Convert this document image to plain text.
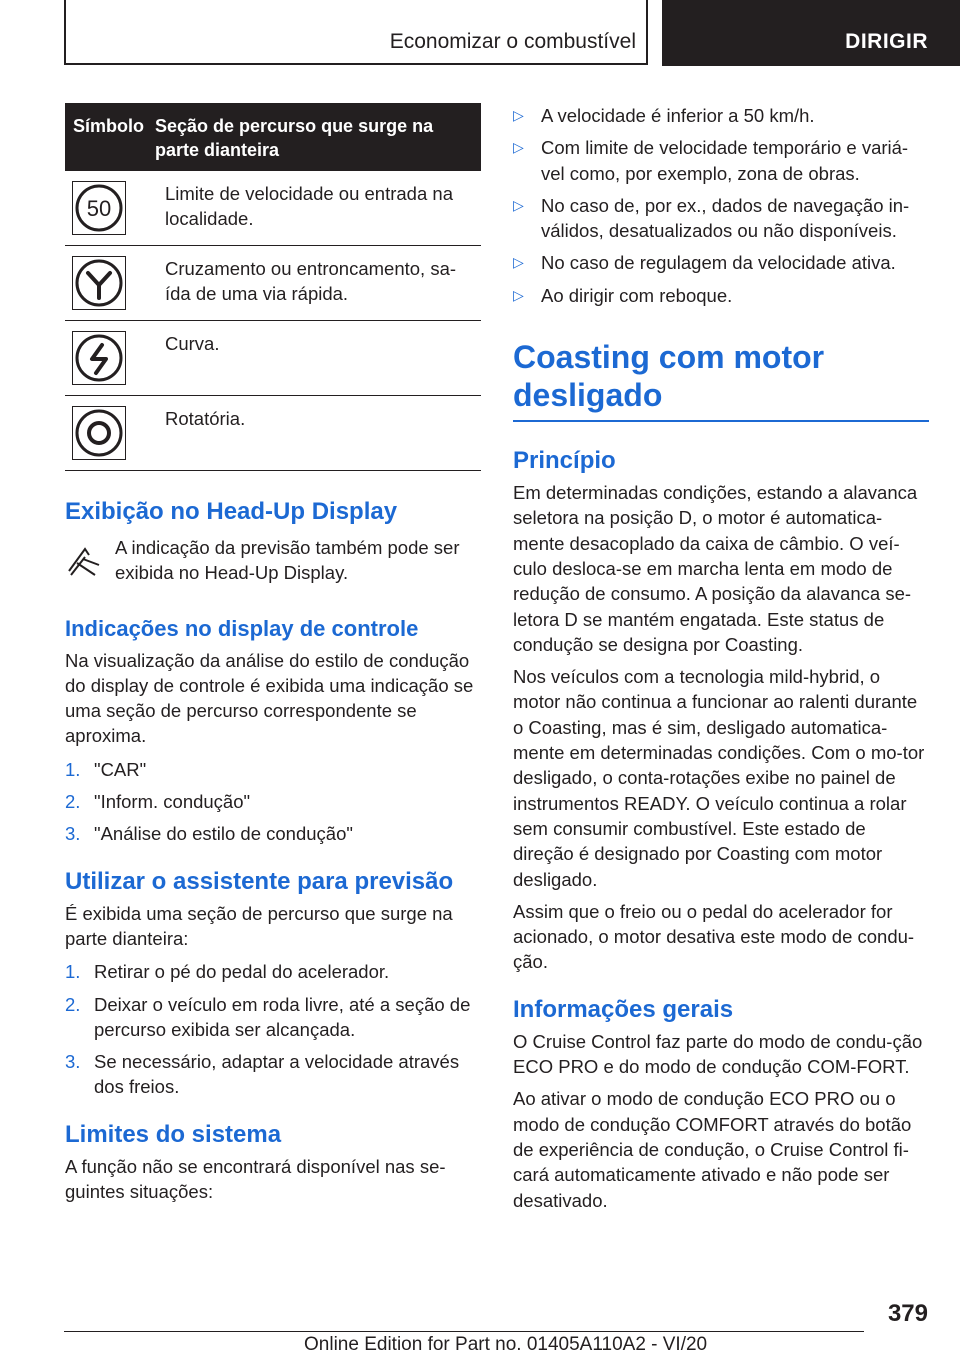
Economizar o combustível	DIRIGIR
Símbolo Seção de percurso que surge na parte dianteira
50
Limite de velocidade ou entrada na localidade.
Cruzamento ou entroncamento, sa-ída de uma via rápida.
Curva.
Rotatória.
Exibição no Head-Up Display

A indicação da previsão também pode ser exibida no Head-Up Display.

Indicações no display de controle

Na visualização da análise do estilo de condução do display de controle é exibida uma indicação se uma seção de percurso correspondente se aproxima.

1. "CAR"
2. "Inform. condução"
3. "Análise do estilo de condução"
Utilizar o assistente para previsão

É exibida uma seção de percurso que surge na parte dianteira:

1. Retirar o pé do pedal do acelerador.
2. Deixar o veículo em roda livre, até a seção de percurso exibida ser alcançada.
3. Se necessário, adaptar a velocidade através dos freios.
Limites do sistema

A função não se encontrará disponível nas se-guintes situações:

▷ A velocidade é inferior a 50 km/h.
▷ Com limite de velocidade temporário e variá-vel como, por exemplo, zona de obras.
▷ No caso de, por ex., dados de navegação in-válidos, desatualizados ou não disponíveis.
▷ No caso de regulagem da velocidade ativa.
▷ Ao dirigir com reboque.
Coasting com motor desligado
Princípio

Em determinadas condições, estando a alavanca seletora na posição D, o motor é automatica-mente desacoplado da caixa de câmbio. O veí-culo desloca-se em marcha lenta em modo de redução de consumo. A posição da alavanca se-letora D se mantém engatada. Este status de condução se designa por Coasting.

Nos veículos com a tecnologia mild-hybrid, o motor não continua a funcionar ao ralenti durante o Coasting, mas é sim, desligado automatica-mente em determinadas condições. Com o mo-tor desligado, o conta-rotações exibe no painel de instrumentos READY. O veículo continua a rolar sem consumir combustível. Este estado de direção é designado por Coasting com motor desligado.

Assim que o freio ou o pedal do acelerador for acionado, o motor desativa este modo de condu-ção.

Informações gerais

O Cruise Control faz parte do modo de condu-ção ECO PRO e do modo de condução COM-FORT.

Ao ativar o modo de condução ECO PRO ou o modo de condução COMFORT através do botão de experiência de condução, o Cruise Control fi-cará automaticamente ativado e não pode ser desativado.

379
Online Edition for Part no. 01405A110A2 - VI/20
